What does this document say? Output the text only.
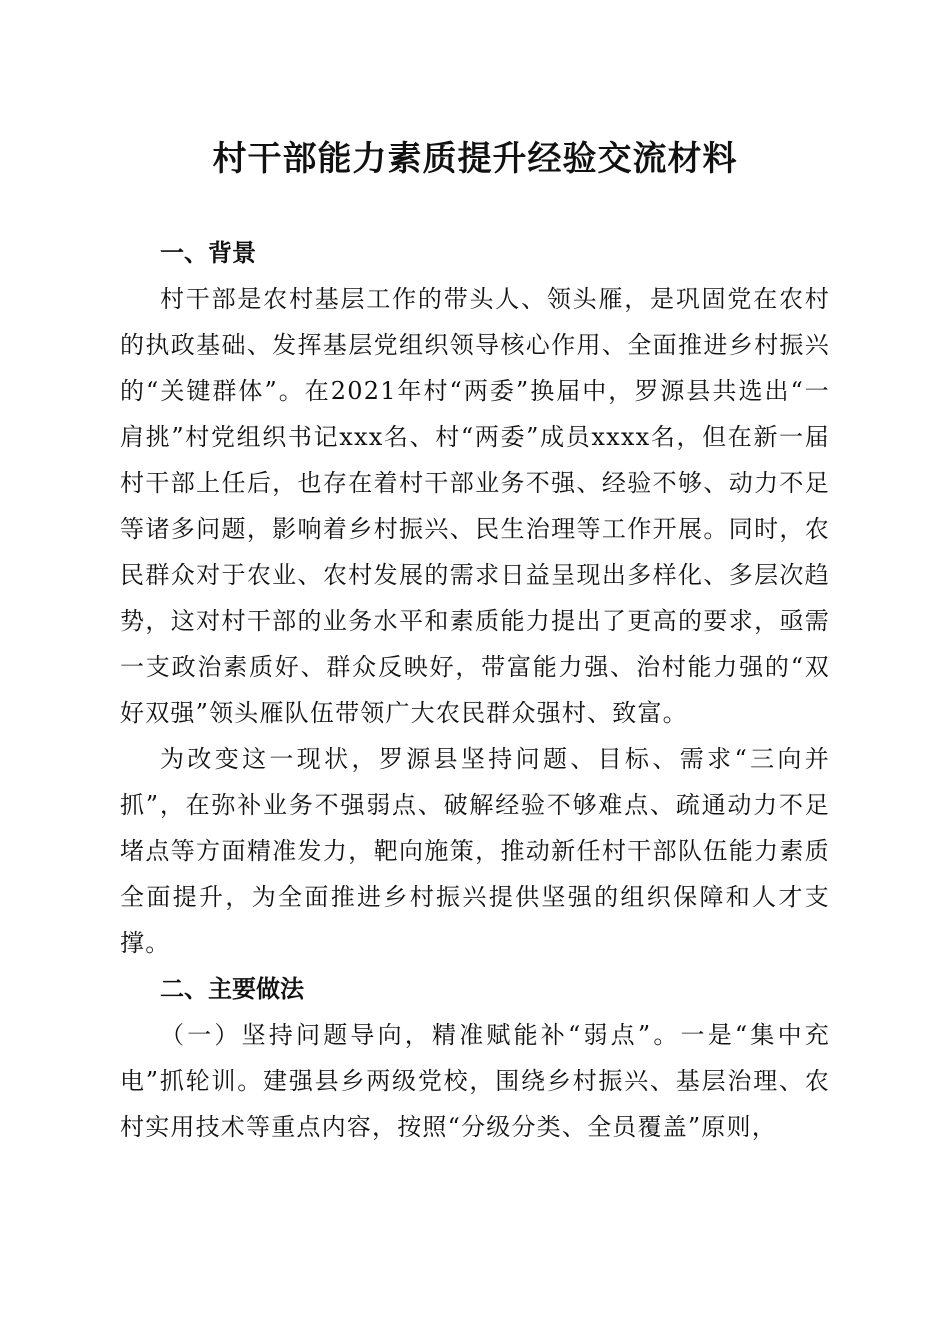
村干部能力素质提升经验交流材料
一、背景

村干部是农村基层工作的带头人、领头雁，是巩固党在农村的执政基础、发挥基层党组织领导核心作用、全面推进乡村振兴的“关键群体”。在2021年村“两委”换届中，罗源县共选出“一肩挑”村党组织书记xxx名、村“两委”成员xxxx名，但在新一届村干部上任后，也存在着村干部业务不强、经验不够、动力不足等诸多问题，影响着乡村振兴、民生治理等工作开展。同时，农民群众对于农业、农村发展的需求日益呈现出多样化、多层次趋势，这对村干部的业务水平和素质能力提出了更高的要求，亟需一支政治素质好、群众反映好，带富能力强、治村能力强的“双好双强”领头雁队伍带领广大农民群众强村、致富。

为改变这一现状，罗源县坚持问题、目标、需求“三向并抓”，在弥补业务不强弱点、破解经验不够难点、疏通动力不足堵点等方面精准发力，靶向施策，推动新任村干部队伍能力素质全面提升，为全面推进乡村振兴提供坚强的组织保障和人才支撑。

二、主要做法

（一）坚持问题导向，精准赋能补“弱点”。一是“集中充电”抓轮训。建强县乡两级党校，围绕乡村振兴、基层治理、农村实用技术等重点内容，按照“分级分类、全员覆盖”原则，
